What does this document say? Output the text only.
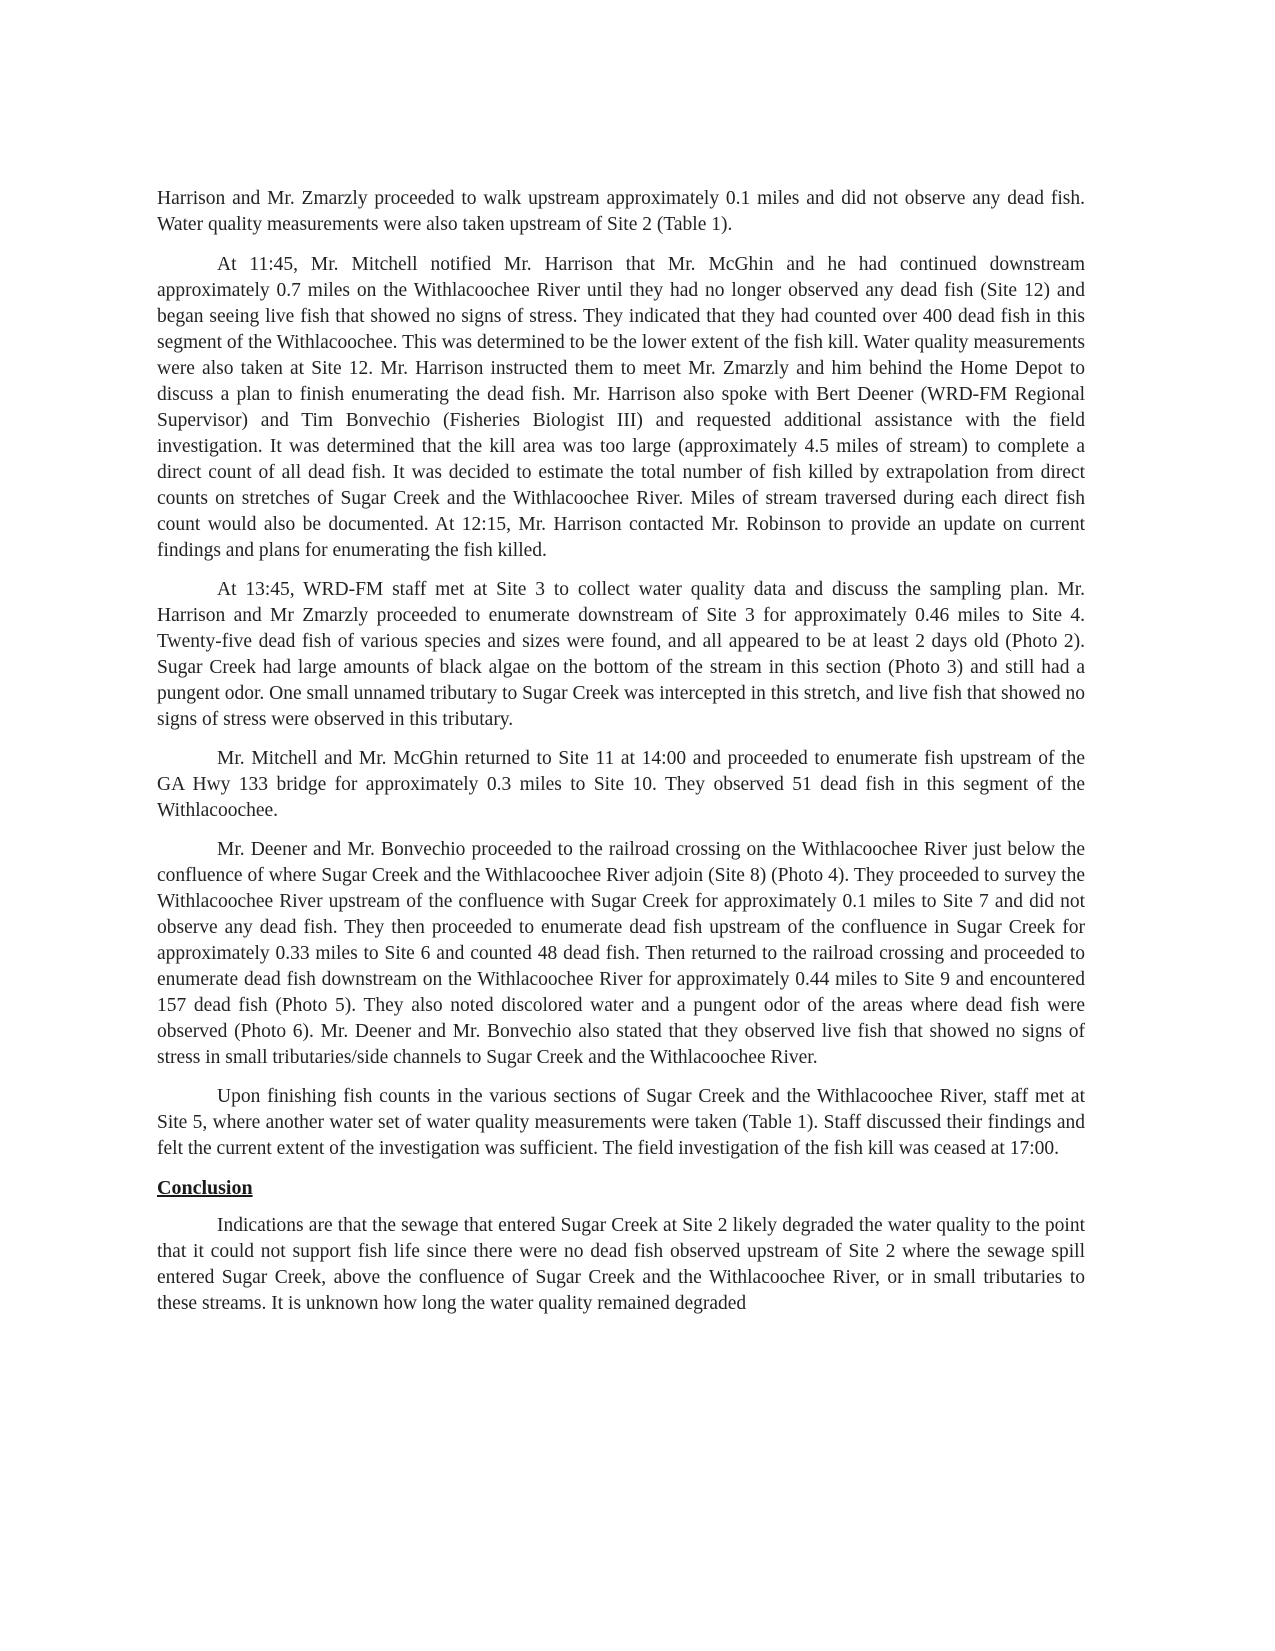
Harrison and Mr. Zmarzly proceeded to walk upstream approximately 0.1 miles and did not observe any dead fish. Water quality measurements were also taken upstream of Site 2 (Table 1).

At 11:45, Mr. Mitchell notified Mr. Harrison that Mr. McGhin and he had continued downstream approximately 0.7 miles on the Withlacoochee River until they had no longer observed any dead fish (Site 12) and began seeing live fish that showed no signs of stress. They indicated that they had counted over 400 dead fish in this segment of the Withlacoochee. This was determined to be the lower extent of the fish kill. Water quality measurements were also taken at Site 12. Mr. Harrison instructed them to meet Mr. Zmarzly and him behind the Home Depot to discuss a plan to finish enumerating the dead fish. Mr. Harrison also spoke with Bert Deener (WRD-FM Regional Supervisor) and Tim Bonvechio (Fisheries Biologist III) and requested additional assistance with the field investigation. It was determined that the kill area was too large (approximately 4.5 miles of stream) to complete a direct count of all dead fish. It was decided to estimate the total number of fish killed by extrapolation from direct counts on stretches of Sugar Creek and the Withlacoochee River. Miles of stream traversed during each direct fish count would also be documented. At 12:15, Mr. Harrison contacted Mr. Robinson to provide an update on current findings and plans for enumerating the fish killed.

At 13:45, WRD-FM staff met at Site 3 to collect water quality data and discuss the sampling plan. Mr. Harrison and Mr Zmarzly proceeded to enumerate downstream of Site 3 for approximately 0.46 miles to Site 4. Twenty-five dead fish of various species and sizes were found, and all appeared to be at least 2 days old (Photo 2). Sugar Creek had large amounts of black algae on the bottom of the stream in this section (Photo 3) and still had a pungent odor. One small unnamed tributary to Sugar Creek was intercepted in this stretch, and live fish that showed no signs of stress were observed in this tributary.

Mr. Mitchell and Mr. McGhin returned to Site 11 at 14:00 and proceeded to enumerate fish upstream of the GA Hwy 133 bridge for approximately 0.3 miles to Site 10. They observed 51 dead fish in this segment of the Withlacoochee.

Mr. Deener and Mr. Bonvechio proceeded to the railroad crossing on the Withlacoochee River just below the confluence of where Sugar Creek and the Withlacoochee River adjoin (Site 8) (Photo 4). They proceeded to survey the Withlacoochee River upstream of the confluence with Sugar Creek for approximately 0.1 miles to Site 7 and did not observe any dead fish. They then proceeded to enumerate dead fish upstream of the confluence in Sugar Creek for approximately 0.33 miles to Site 6 and counted 48 dead fish. Then returned to the railroad crossing and proceeded to enumerate dead fish downstream on the Withlacoochee River for approximately 0.44 miles to Site 9 and encountered 157 dead fish (Photo 5). They also noted discolored water and a pungent odor of the areas where dead fish were observed (Photo 6). Mr. Deener and Mr. Bonvechio also stated that they observed live fish that showed no signs of stress in small tributaries/side channels to Sugar Creek and the Withlacoochee River.

Upon finishing fish counts in the various sections of Sugar Creek and the Withlacoochee River, staff met at Site 5, where another water set of water quality measurements were taken (Table 1). Staff discussed their findings and felt the current extent of the investigation was sufficient. The field investigation of the fish kill was ceased at 17:00.

Conclusion

Indications are that the sewage that entered Sugar Creek at Site 2 likely degraded the water quality to the point that it could not support fish life since there were no dead fish observed upstream of Site 2 where the sewage spill entered Sugar Creek, above the confluence of Sugar Creek and the Withlacoochee River, or in small tributaries to these streams. It is unknown how long the water quality remained degraded
